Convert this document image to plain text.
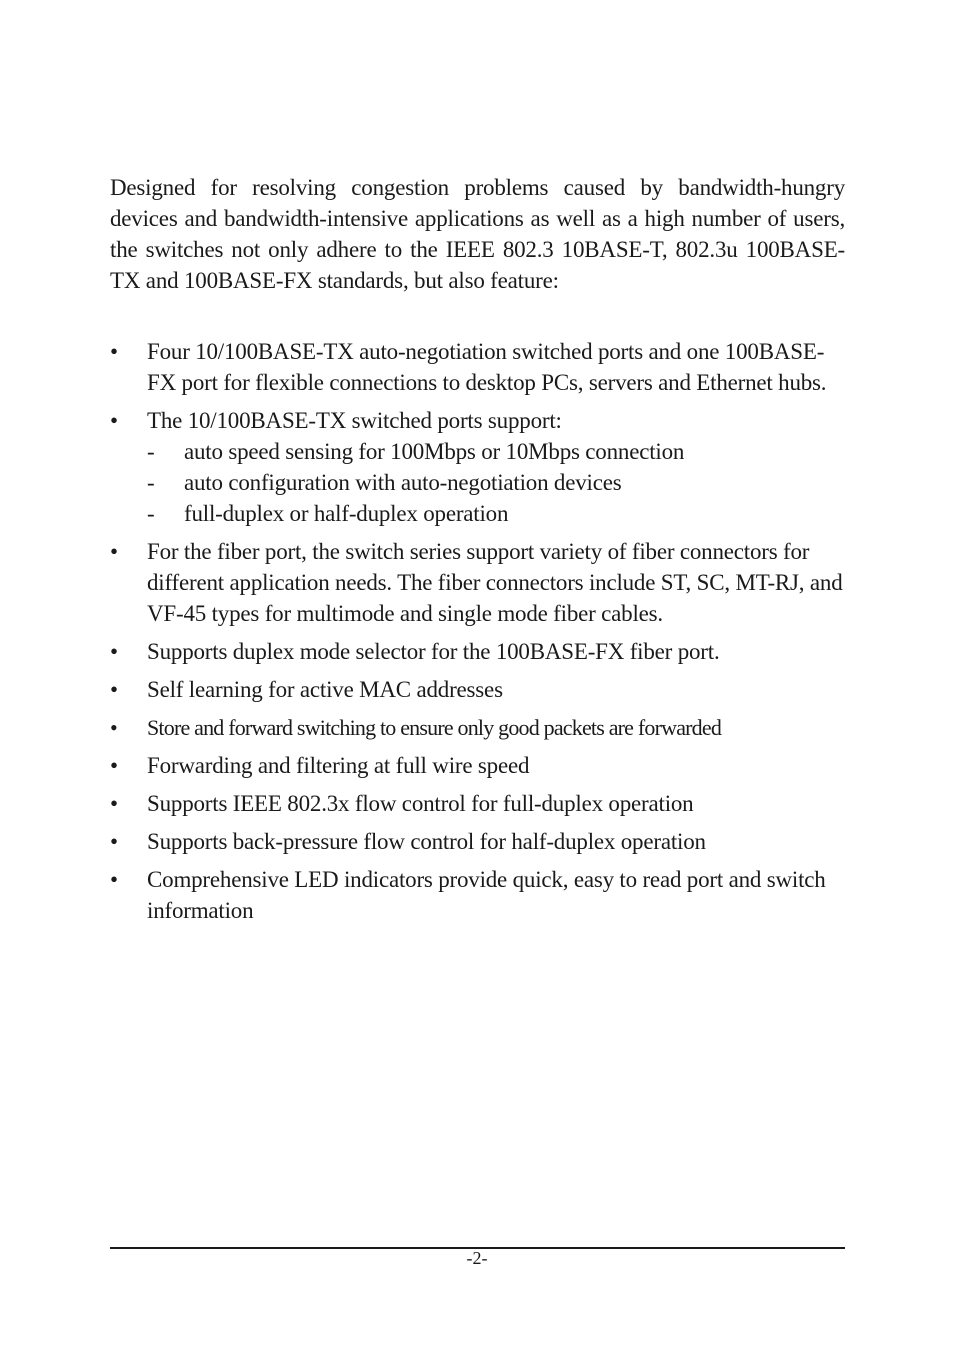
Designed for resolving congestion problems caused by bandwidth-hungry devices and bandwidth-intensive applications as well as a high number of users, the switches not only adhere to the IEEE 802.3 10BASE-T, 802.3u 100BASE-TX and 100BASE-FX standards, but also feature:

•	Four 10/100BASE-TX auto-negotiation switched ports and one 100BASE-FX port for flexible connections to desktop PCs, servers and Ethernet hubs.
•	The 10/100BASE-TX switched ports support:
- auto speed sensing for 100Mbps or 10Mbps connection
- auto configuration with auto-negotiation devices
- full-duplex or half-duplex operation
•	For the fiber port, the switch series support variety of fiber connectors for different application needs. The fiber connectors include ST, SC, MT-RJ, and VF-45 types for multimode and single mode fiber cables.
•	Supports duplex mode selector for the 100BASE-FX fiber port.
•	Self learning for active MAC addresses
•	Store and forward switching to ensure only good packets are forwarded
•	Forwarding and filtering at full wire speed
•	Supports IEEE 802.3x flow control for full-duplex operation
•	Supports back-pressure flow control for half-duplex operation
•	Comprehensive LED indicators provide quick, easy to read port and switch information
-2-
